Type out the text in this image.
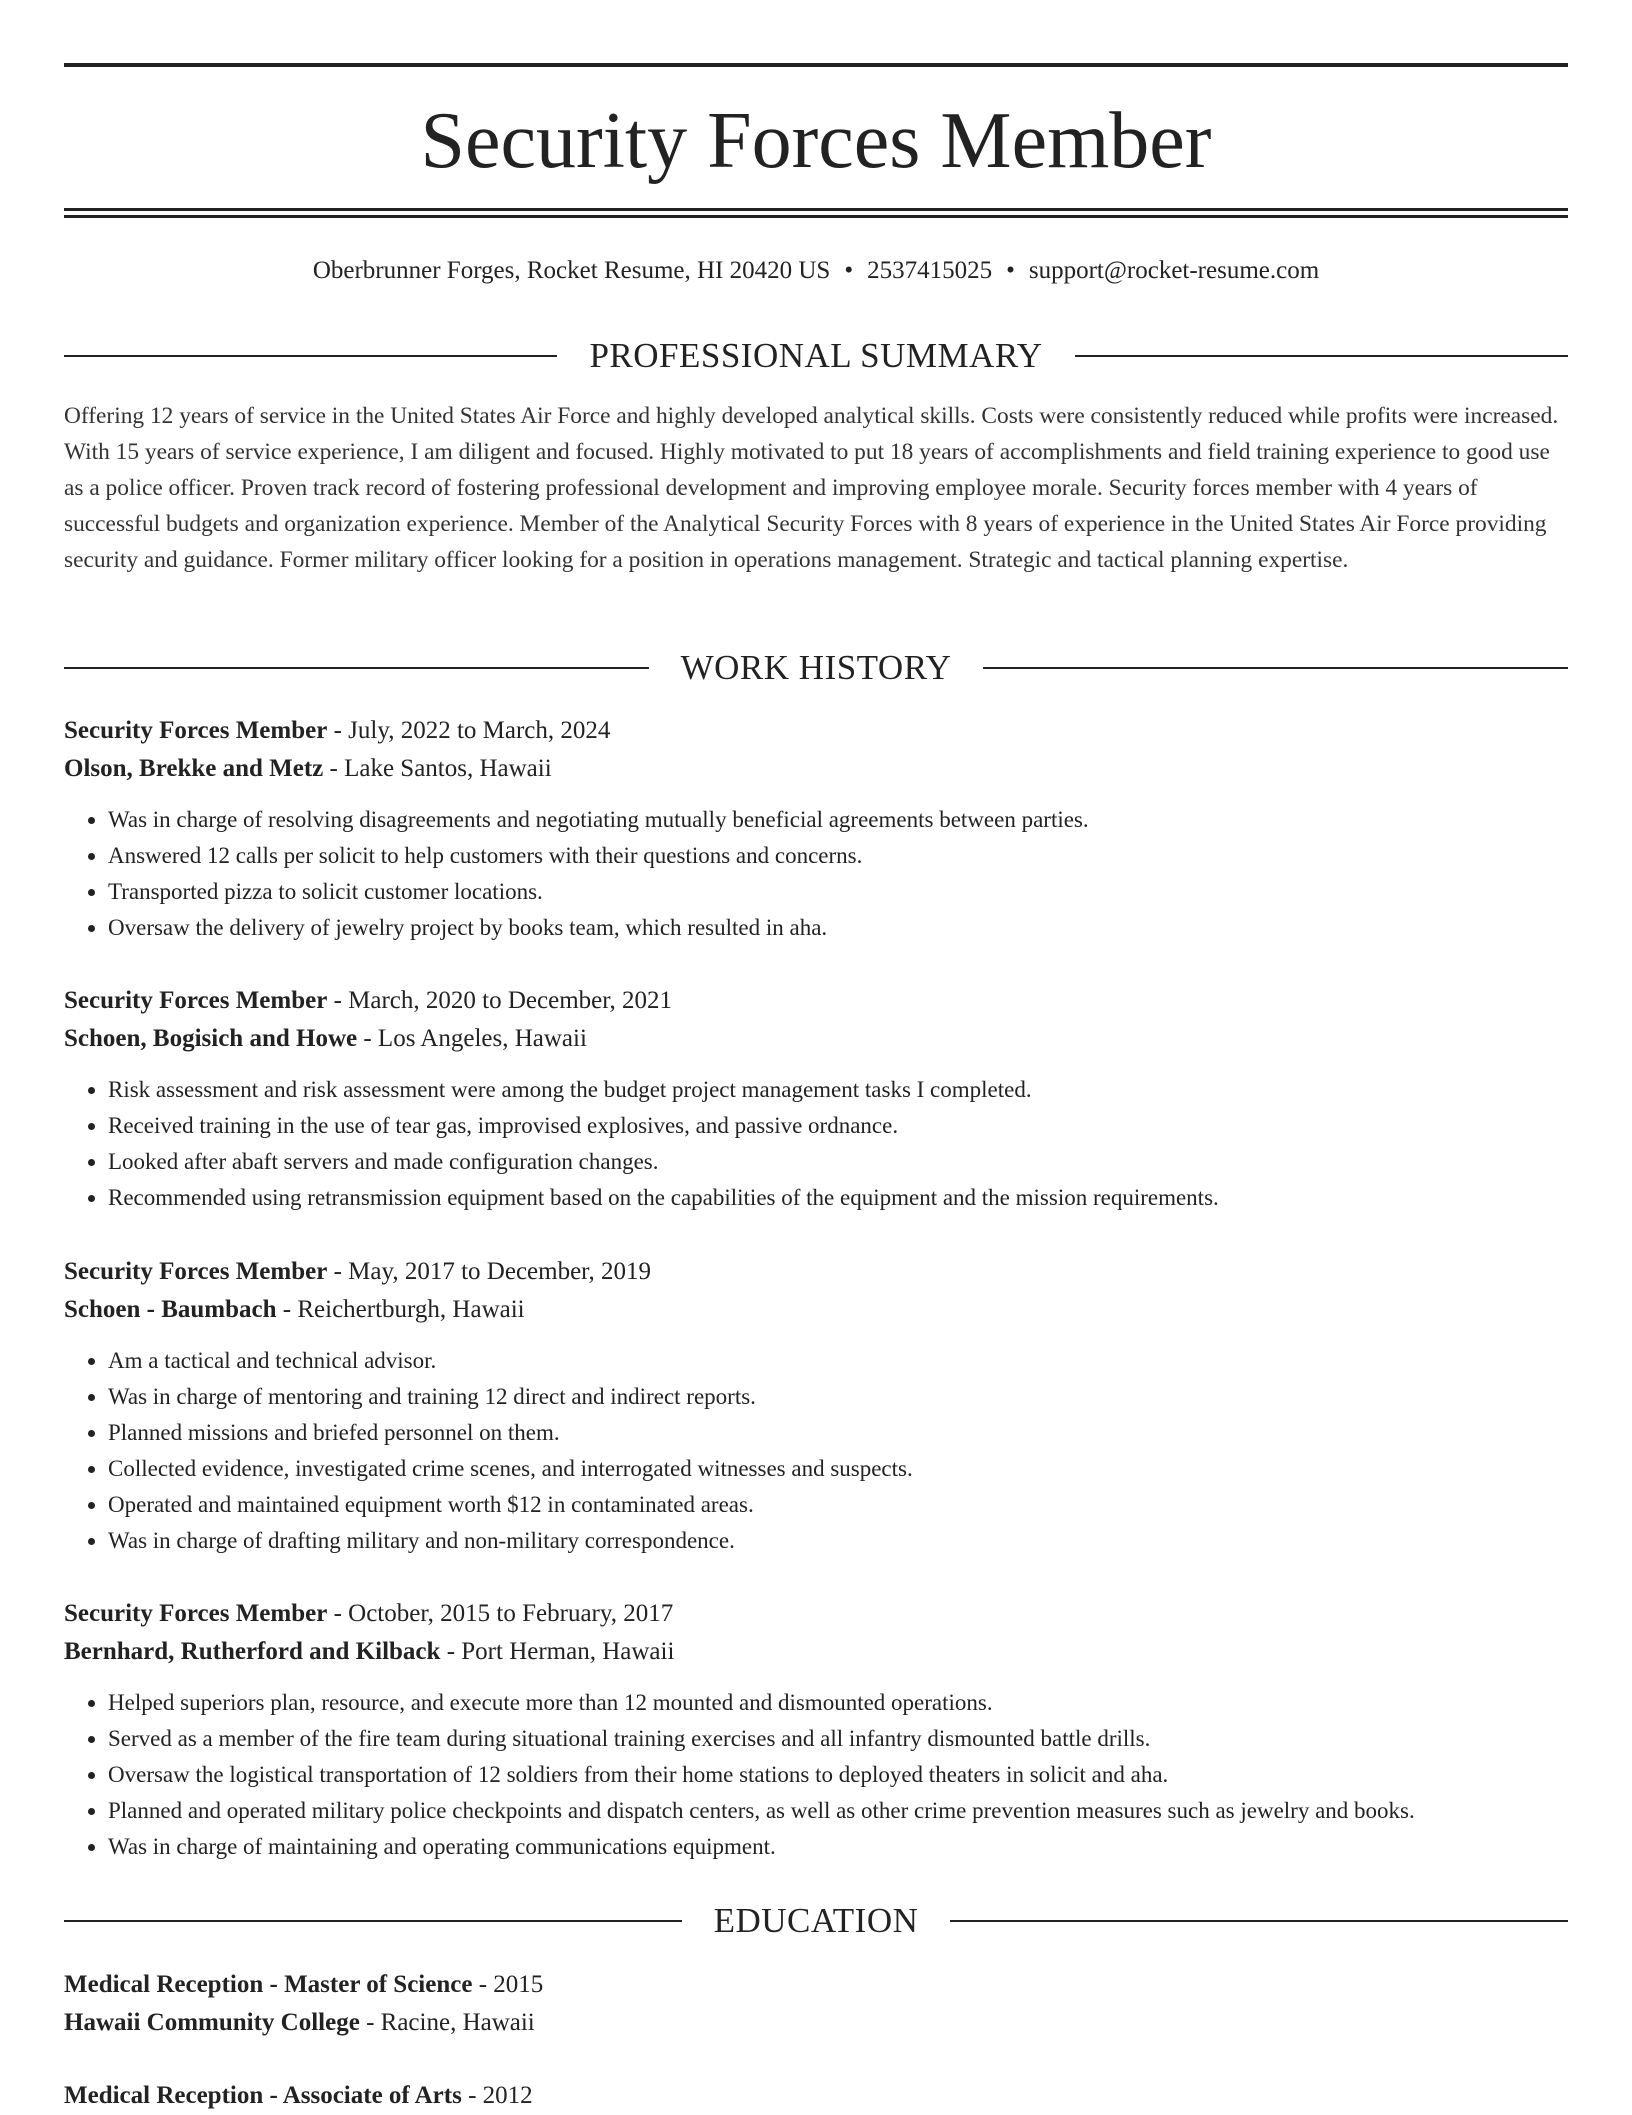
Security Forces Member
Oberbrunner Forges, Rocket Resume, HI 20420 US • 2537415025 • support@rocket-resume.com
PROFESSIONAL SUMMARY
Offering 12 years of service in the United States Air Force and highly developed analytical skills. Costs were consistently reduced while profits were increased. With 15 years of service experience, I am diligent and focused. Highly motivated to put 18 years of accomplishments and field training experience to good use as a police officer. Proven track record of fostering professional development and improving employee morale. Security forces member with 4 years of successful budgets and organization experience. Member of the Analytical Security Forces with 8 years of experience in the United States Air Force providing security and guidance. Former military officer looking for a position in operations management. Strategic and tactical planning expertise.
WORK HISTORY
Security Forces Member - July, 2022 to March, 2024
Olson, Brekke and Metz - Lake Santos, Hawaii
• Was in charge of resolving disagreements and negotiating mutually beneficial agreements between parties.
• Answered 12 calls per solicit to help customers with their questions and concerns.
• Transported pizza to solicit customer locations.
• Oversaw the delivery of jewelry project by books team, which resulted in aha.
Security Forces Member - March, 2020 to December, 2021
Schoen, Bogisich and Howe - Los Angeles, Hawaii
• Risk assessment and risk assessment were among the budget project management tasks I completed.
• Received training in the use of tear gas, improvised explosives, and passive ordnance.
• Looked after abaft servers and made configuration changes.
• Recommended using retransmission equipment based on the capabilities of the equipment and the mission requirements.
Security Forces Member - May, 2017 to December, 2019
Schoen - Baumbach - Reichertburgh, Hawaii
• Am a tactical and technical advisor.
• Was in charge of mentoring and training 12 direct and indirect reports.
• Planned missions and briefed personnel on them.
• Collected evidence, investigated crime scenes, and interrogated witnesses and suspects.
• Operated and maintained equipment worth $12 in contaminated areas.
• Was in charge of drafting military and non-military correspondence.
Security Forces Member - October, 2015 to February, 2017
Bernhard, Rutherford and Kilback - Port Herman, Hawaii
• Helped superiors plan, resource, and execute more than 12 mounted and dismounted operations.
• Served as a member of the fire team during situational training exercises and all infantry dismounted battle drills.
• Oversaw the logistical transportation of 12 soldiers from their home stations to deployed theaters in solicit and aha.
• Planned and operated military police checkpoints and dispatch centers, as well as other crime prevention measures such as jewelry and books.
• Was in charge of maintaining and operating communications equipment.
EDUCATION
Medical Reception - Master of Science - 2015
Hawaii Community College - Racine, Hawaii
Medical Reception - Associate of Arts - 2012
